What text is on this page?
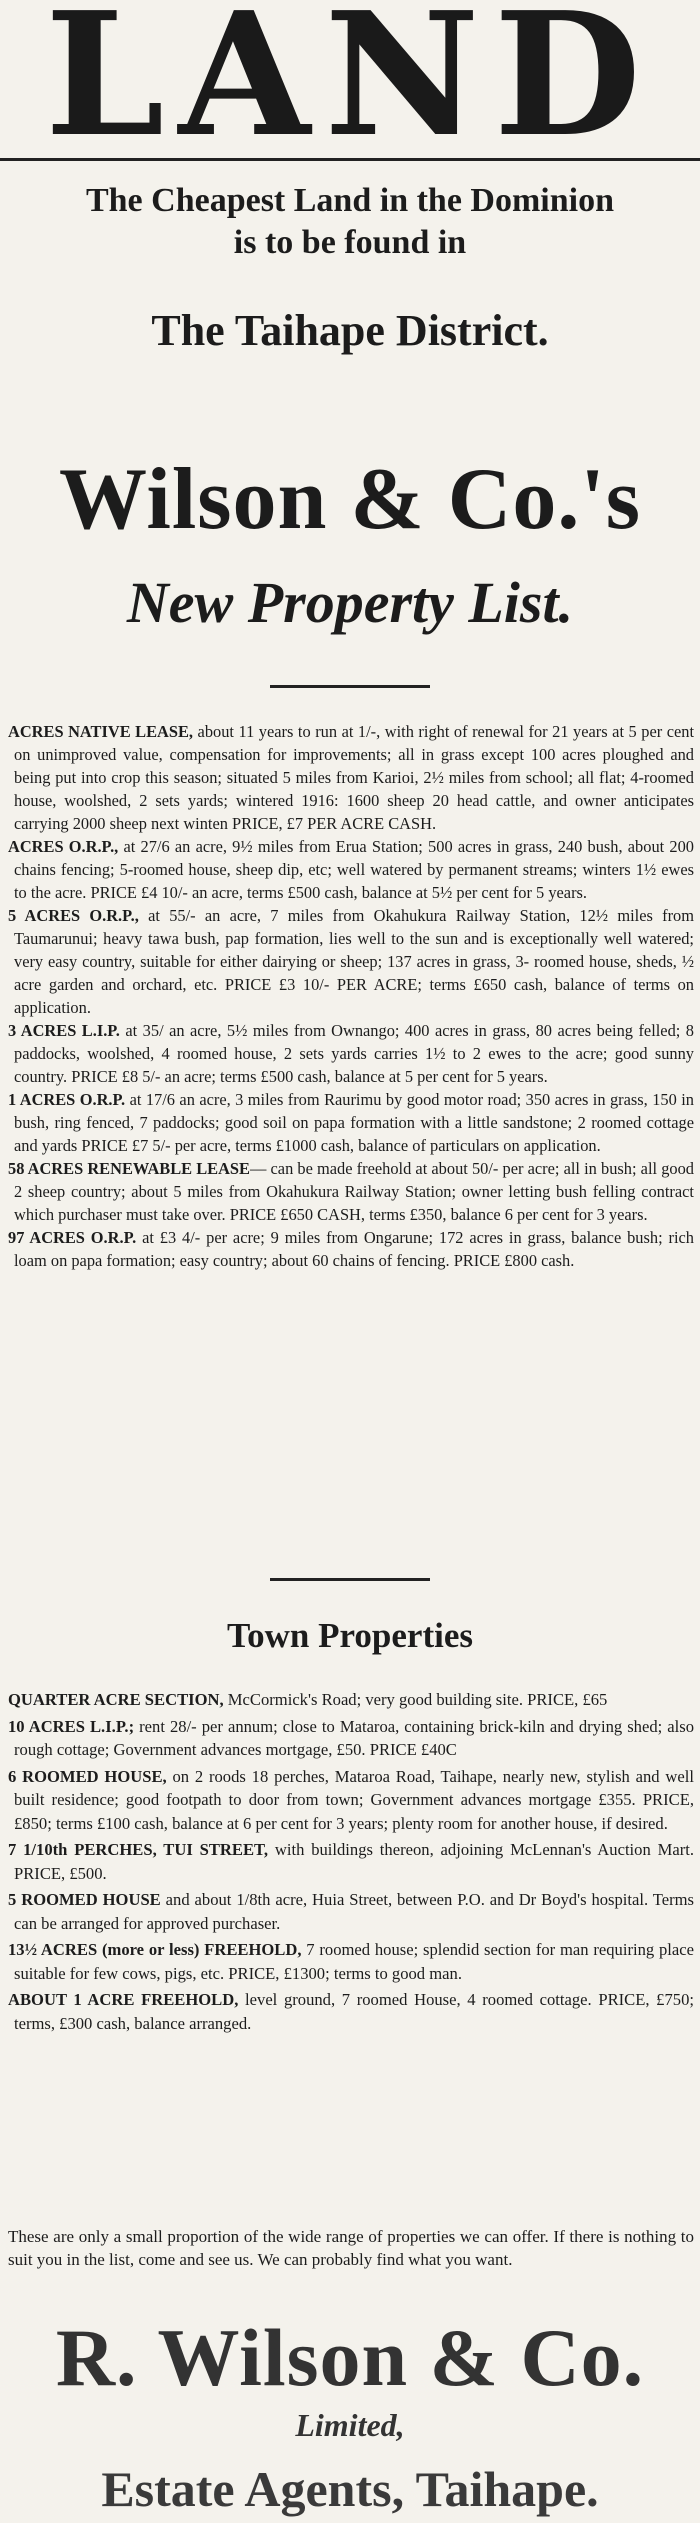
LAND
The Cheapest Land in the Dominion
is to be found in
The Taihape District.
Wilson & Co.'s
New Property List.
ACRES NATIVE LEASE, about 11 years to run at 1/-, with right of renewal for 21 years at 5 per cent on unimproved value, compensation for improvements; all in grass except 100 acres ploughed and being put into crop this season; situated 5 miles from Karioi, 2½ miles from school; all flat; 4-roomed house, woolshed, 2 sets yards; wintered 1916: 1600 sheep 20 head cattle, and owner anticipates carrying 2000 sheep next winten PRICE, £7 PER ACRE CASH.
ACRES O.R.P., at 27/6 an acre, 9½ miles from Erua Station; 500 acres in grass, 240 bush, about 200 chains fencing; 5-roomed house, sheep dip, etc; well watered by permanent streams; winters 1½ ewes to the acre. PRICE £4 10/- an acre, terms £500 cash, balance at 5½ per cent for 5 years.
5 ACRES O.R.P., at 55/- an acre, 7 miles from Okahukura Railway Station, 12½ miles from Taumarunui; heavy tawa bush, pap formation, lies well to the sun and is exceptionally well watered; very easy country, suitable for either dairying or sheep; 137 acres in grass, 3- roomed house, sheds, ½ acre garden and orchard, etc. PRICE £3 10/- PER ACRE; terms £650 cash, balance of terms on application.
3 ACRES L.I.P. at 35/ an acre, 5½ miles from Ownango; 400 acres in grass, 80 acres being felled; 8 paddocks, woolshed, 4 roomed house, 2 sets yards carries 1½ to 2 ewes to the acre; good sunny country. PRICE £8 5/- an acre; terms £500 cash, balance at 5 per cent for 5 years.
1 ACRES O.R.P. at 17/6 an acre, 3 miles from Raurimu by good motor road; 350 acres in grass, 150 in bush, ring fenced, 7 paddocks; good soil on papa formation with a little sandstone; 2 roomed cottage and yards PRICE £7 5/- per acre, terms £1000 cash, balance of particulars on application.
58 ACRES RENEWABLE LEASE— can be made freehold at about 50/- per acre; all in bush; all good 2 sheep country; about 5 miles from Okahukura Railway Station; owner letting bush felling contract which purchaser must take over. PRICE £650 CASH, terms £350, balance 6 per cent for 3 years.
97 ACRES O.R.P. at £3 4/- per acre; 9 miles from Ongarune; 172 acres in grass, balance bush; rich loam on papa formation; easy country; about 60 chains of fencing. PRICE £800 cash.
Town Properties
QUARTER ACRE SECTION, McCormick's Road; very good building site. PRICE, £65
10 ACRES L.I.P.; rent 28/- per annum; close to Mataroa, containing brick-kiln and drying shed; also rough cottage; Government advances mortgage, £50. PRICE £40C
6 ROOMED HOUSE, on 2 roods 18 perches, Mataroa Road, Taihape, nearly new, stylish and well built residence; good footpath to door from town; Government advances mortgage £355. PRICE, £850; terms £100 cash, balance at 6 per cent for 3 years; plenty room for another house, if desired.
7 1/10th PERCHES, TUI STREET, with buildings thereon, adjoining McLennan's Auction Mart. PRICE, £500.
5 ROOMED HOUSE and about 1/8th acre, Huia Street, between P.O. and Dr Boyd's hospital. Terms can be arranged for approved purchaser.
13½ ACRES (more or less) FREEHOLD, 7 roomed house; splendid section for man requiring place suitable for few cows, pigs, etc. PRICE, £1300; terms to good man.
ABOUT 1 ACRE FREEHOLD, level ground, 7 roomed House, 4 roomed cottage. PRICE, £750; terms, £300 cash, balance arranged.
These are only a small proportion of the wide range of properties we can offer. If there is nothing to suit you in the list, come and see us. We can probably find what you want.
R. Wilson & Co.
Limited,
Estate Agents, Taihape.
